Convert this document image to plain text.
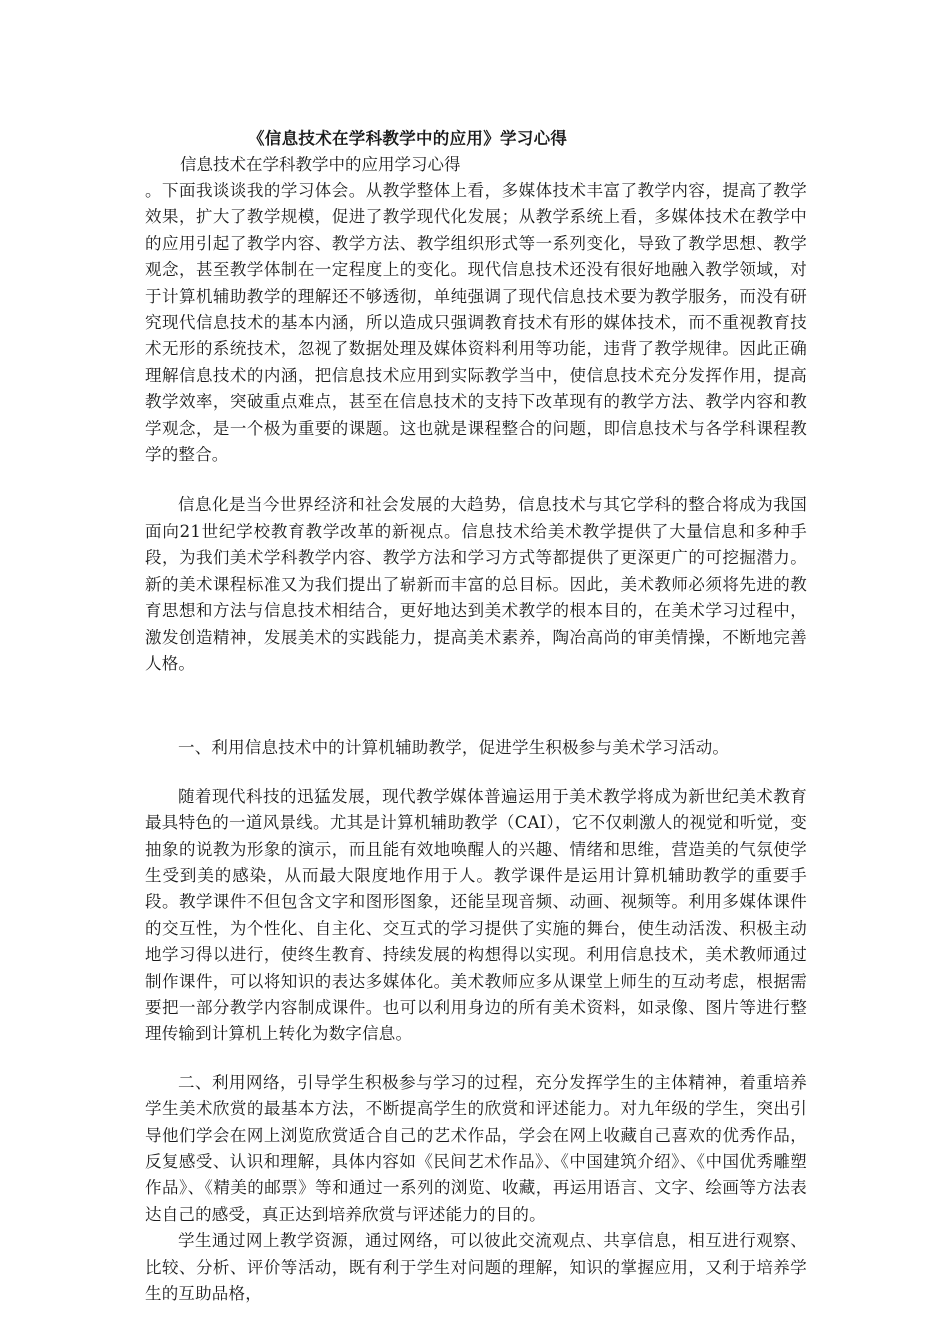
《信息技术在学科教学中的应用》学习心得
信息技术在学科教学中的应用学习心得

。下面我谈谈我的学习体会。从教学整体上看，多媒体技术丰富了教学内容，提高了教学效果，扩大了教学规模，促进了教学现代化发展；从教学系统上看，多媒体技术在教学中的应用引起了教学内容、教学方法、教学组织形式等一系列变化，导致了教学思想、教学观念，甚至教学体制在一定程度上的变化。现代信息技术还没有很好地融入教学领域，对于计算机辅助教学的理解还不够透彻，单纯强调了现代信息技术要为教学服务，而没有研究现代信息技术的基本内涵，所以造成只强调教育技术有形的媒体技术，而不重视教育技术无形的系统技术，忽视了数据处理及媒体资料利用等功能，违背了教学规律。因此正确理解信息技术的内涵，把信息技术应用到实际教学当中，使信息技术充分发挥作用，提高教学效率，突破重点难点，甚至在信息技术的支持下改革现有的教学方法、教学内容和教学观念，是一个极为重要的课题。这也就是课程整合的问题，即信息技术与各学科课程教学的整合。

信息化是当今世界经济和社会发展的大趋势，信息技术与其它学科的整合将成为我国面向21世纪学校教育教学改革的新视点。信息技术给美术教学提供了大量信息和多种手段，为我们美术学科教学内容、教学方法和学习方式等都提供了更深更广的可挖掘潜力。新的美术课程标准又为我们提出了崭新而丰富的总目标。因此，美术教师必须将先进的教育思想和方法与信息技术相结合，更好地达到美术教学的根本目的，在美术学习过程中，激发创造精神，发展美术的实践能力，提高美术素养，陶冶高尚的审美情操，不断地完善人格。

一、利用信息技术中的计算机辅助教学，促进学生积极参与美术学习活动。

随着现代科技的迅猛发展，现代教学媒体普遍运用于美术教学将成为新世纪美术教育最具特色的一道风景线。尤其是计算机辅助教学（CAI），它不仅刺激人的视觉和听觉，变抽象的说教为形象的演示，而且能有效地唤醒人的兴趣、情绪和思维，营造美的气氛使学生受到美的感染，从而最大限度地作用于人。教学课件是运用计算机辅助教学的重要手段。教学课件不但包含文字和图形图象，还能呈现音频、动画、视频等。利用多媒体课件的交互性，为个性化、自主化、交互式的学习提供了实施的舞台，使生动活泼、积极主动地学习得以进行，使终生教育、持续发展的构想得以实现。利用信息技术，美术教师通过制作课件，可以将知识的表达多媒体化。美术教师应多从课堂上师生的互动考虑，根据需要把一部分教学内容制成课件。也可以利用身边的所有美术资料，如录像、图片等进行整理传输到计算机上转化为数字信息。

二、利用网络，引导学生积极参与学习的过程，充分发挥学生的主体精神，着重培养学生美术欣赏的最基本方法，不断提高学生的欣赏和评述能力。对九年级的学生，突出引导他们学会在网上浏览欣赏适合自己的艺术作品，学会在网上收藏自己喜欢的优秀作品，反复感受、认识和理解，具体内容如《民间艺术作品》、《中国建筑介绍》、《中国优秀雕塑作品》、《精美的邮票》等和通过一系列的浏览、收藏，再运用语言、文字、绘画等方法表达自己的感受，真正达到培养欣赏与评述能力的目的。

学生通过网上教学资源，通过网络，可以彼此交流观点、共享信息，相互进行观察、比较、分析、评价等活动，既有利于学生对问题的理解，知识的掌握应用，又利于培养学生的互助品格，
